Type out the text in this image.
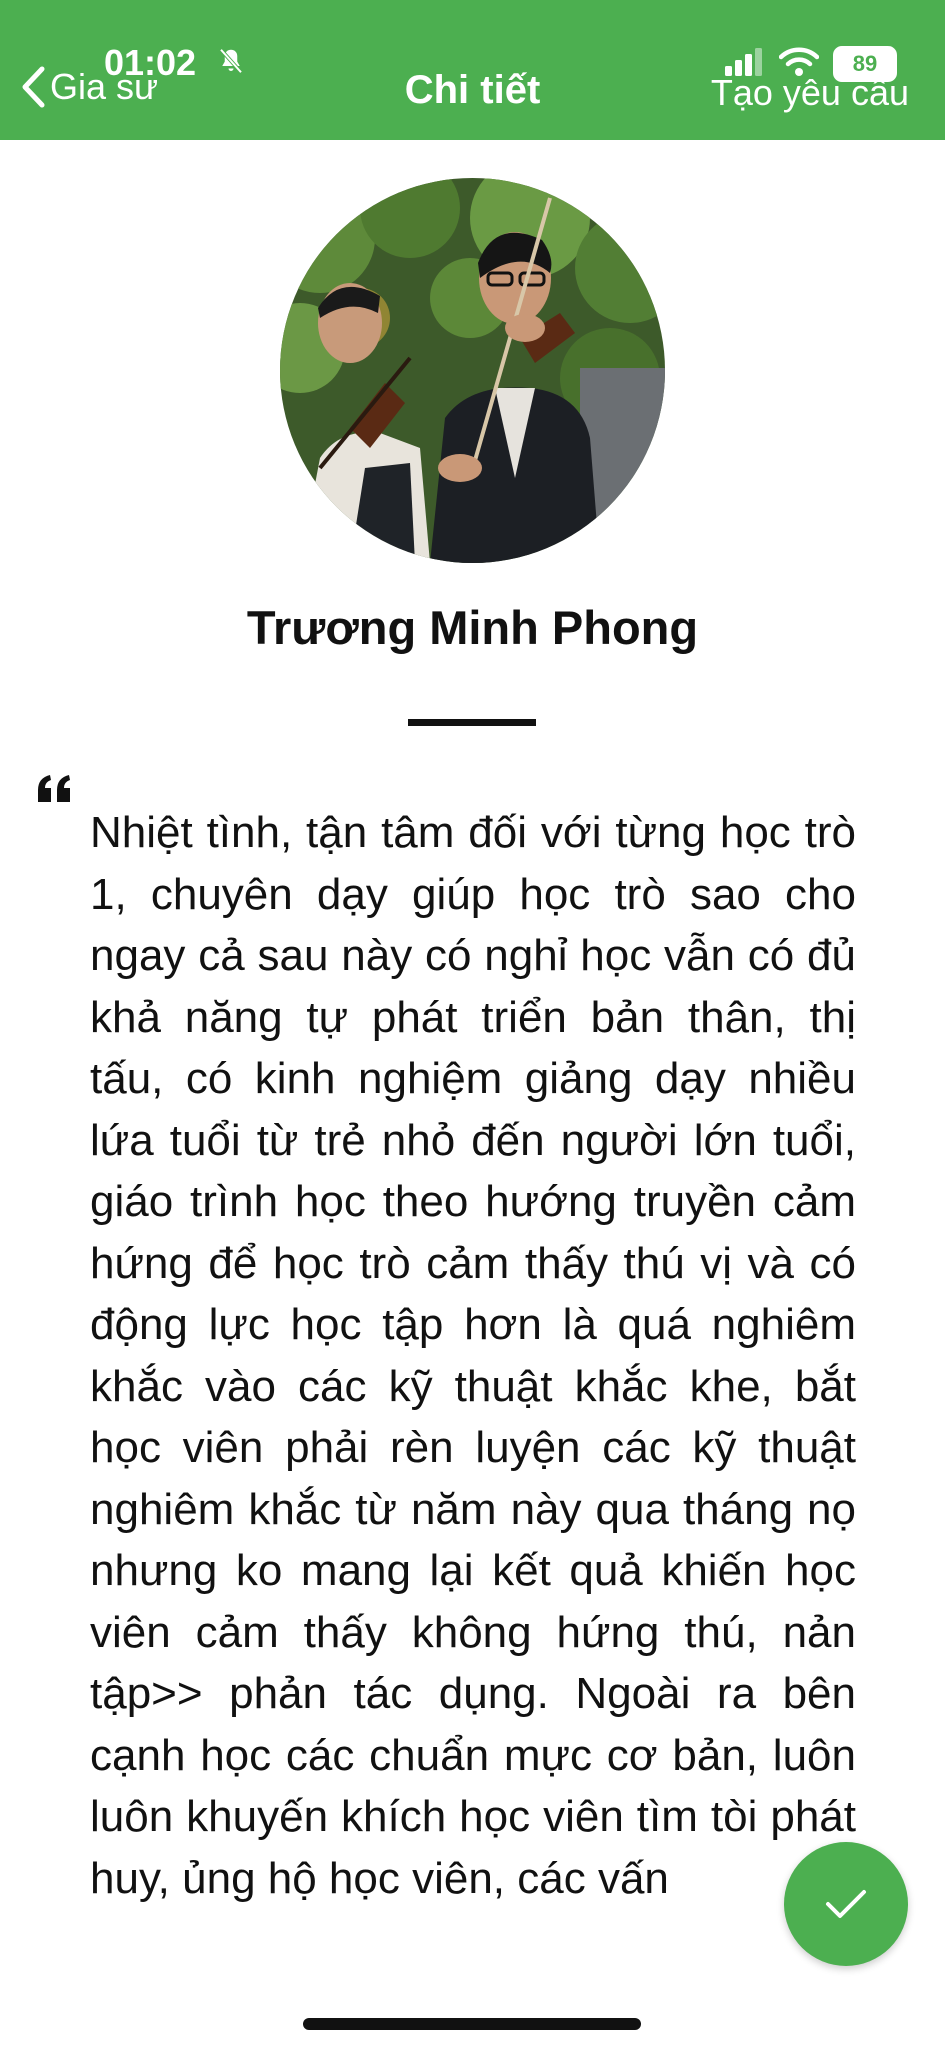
01:02	89
Gia sư	Chi tiết	Tạo yêu cầu
Trương Minh Phong
Nhiệt tình, tận tâm đối với từng học trò 1, chuyên dạy giúp học trò sao cho ngay cả sau này có nghỉ học vẫn có đủ khả năng tự phát triển bản thân, thị tấu, có kinh nghiệm giảng dạy nhiều lứa tuổi từ trẻ nhỏ đến người lớn tuổi, giáo trình học theo hướng truyền cảm hứng để học trò cảm thấy thú vị và có động lực học tập hơn là quá nghiêm khắc vào các kỹ thuật khắc khe, bắt học viên phải rèn luyện các kỹ thuật nghiêm khắc từ năm này qua tháng nọ nhưng ko mang lại kết quả khiến học viên cảm thấy không hứng thú, nản tập>> phản tác dụng. Ngoài ra bên cạnh học các chuẩn mực cơ bản, luôn luôn khuyến khích học viên tìm tòi phát huy, ủng hộ học viên, các vấn
